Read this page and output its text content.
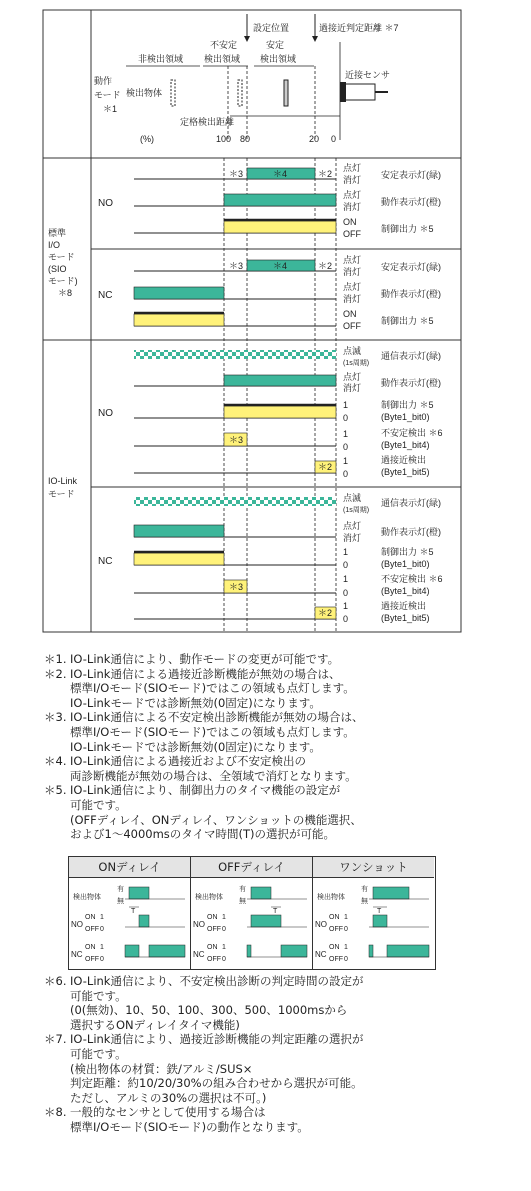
設定位置	過接近判定距離 ＊7
非検出領域
不安定
検出領域
安定
検出領域
検出物体
近接センサ
定格検出距離
(%)	100 80	20 0
動作
モード
＊1
標準
I/O
モード
(SIO
モード)
＊8
IO-Link
モード
NO
NC
NO
NC
＊3	＊4	＊2
＊3	＊4	＊2
＊3
＊2
＊3
＊2
点灯
消灯 安定表示灯(緑)
点灯
消灯 動作表示灯(橙)
ON
OFF 制御出力 ＊5
点灯
消灯 安定表示灯(緑)
点灯
消灯 動作表示灯(橙)
ON
OFF 制御出力 ＊5
点滅
(1s周期)
通信表示灯(緑)
点灯
消灯 動作表示灯(橙)
1
0
制御出力 ＊5
(Byte1_bit0)
1
0
不安定検出 ＊6
(Byte1_bit4)
1
0
過接近検出
(Byte1_bit5)
点滅
(1s周期)
通信表示灯(緑)
点灯
消灯
動作表示灯(橙)
1
0
制御出力 ＊5
(Byte1_bit0)
1
0
不安定検出 ＊6
(Byte1_bit4)
1
0
過接近検出
(Byte1_bit5)
＊1. IO-Link通信により、動作モードの変更が可能です。
＊2. IO-Link通信による過接近診断機能が無効の場合は、
標準I/Oモード(SIOモード)ではこの領域も点灯します。
IO-Linkモードでは診断無効(0固定)になります。
＊3. IO-Link通信による不安定検出診断機能が無効の場合は、
標準I/Oモード(SIOモード)ではこの領域も点灯します。
IO-Linkモードでは診断無効(0固定)になります。
＊4. IO-Link通信による過接近および不安定検出の
両診断機能が無効の場合は、全領域で消灯となります。
＊5. IO-Link通信により、制御出力のタイマ機能の設定が
可能です。
(OFFディレイ、ONディレイ、ワンショットの機能選択、
および1～4000msのタイマ時間(T)の選択が可能。
ONディレイ	OFFディレイ	ワンショット
検出物体
有
無
NO
ON
OFF
1
0
NC
ON
OFF
1
0
T
検出物体
有
無
NO
ON
OFF
1
0
NC
ON
OFF
1
0
T
検出物体
有
無
NO
ON
OFF
1
0
NC
ON
OFF
1
0
T
＊6. IO-Link通信により、不安定検出診断の判定時間の設定が
可能です。
(0(無効)、10、50、100、300、500、1000msから
選択するONディレイタイマ機能)
＊7. IO-Link通信により、過接近診断機能の判定距離の選択が
可能です。
(検出物体の材質：鉄/アルミ/SUS×
判定距離：約10/20/30%の組み合わせから選択が可能。
ただし、アルミの30%の選択は不可。)
＊8. 一般的なセンサとして使用する場合は
標準I/Oモード(SIOモード)の動作となります。
